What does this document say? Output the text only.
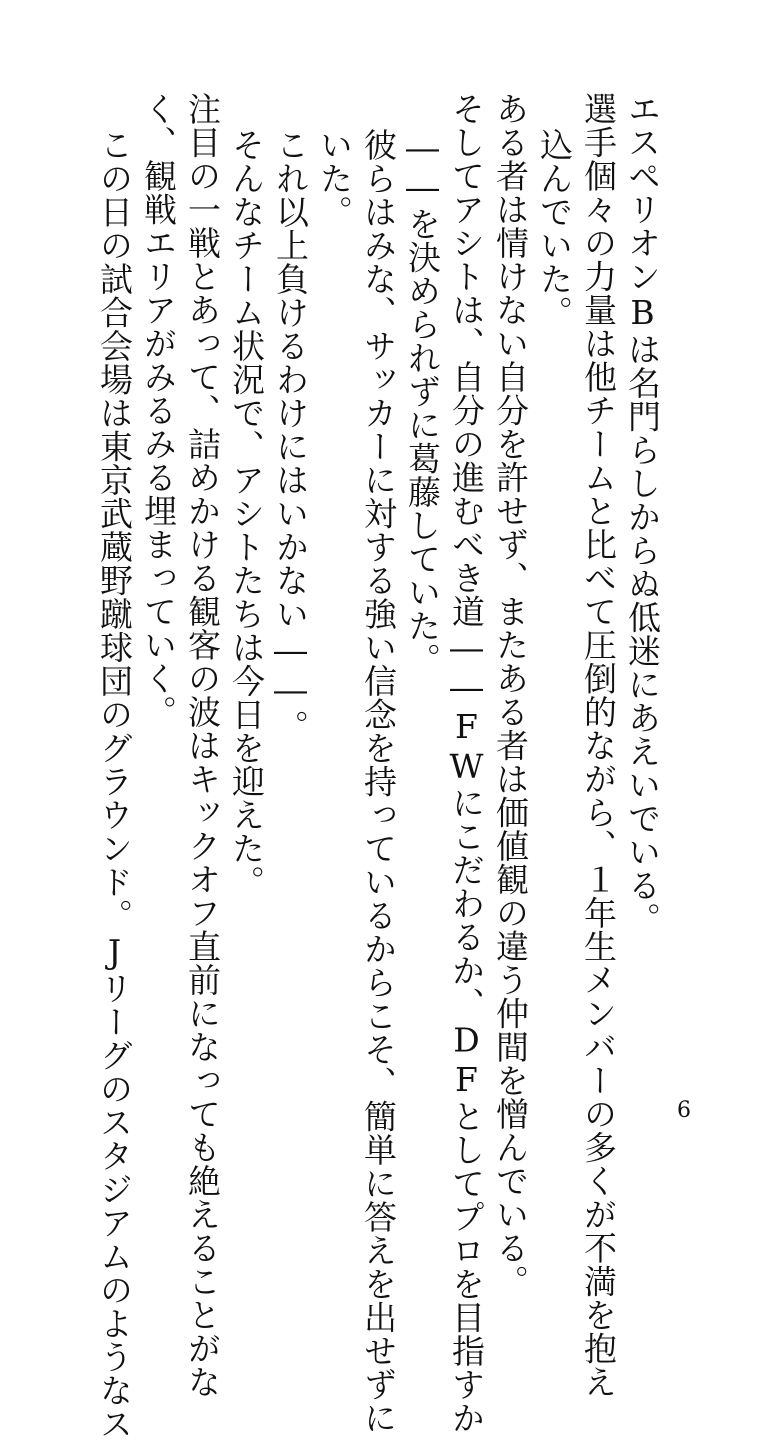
エスペリオンBは名門らしからぬ低迷にあえいでいる。
選手個々の力量は他チームと比べて圧倒的ながら、１年生メンバーの多くが不満を抱え
込んでいた。
ある者は情けない自分を許せず、またある者は価値観の違う仲間を憎んでいる。
そしてアシトは、自分の進むべき道――FWにこだわるか、DFとしてプロを目指すか
――を決められずに葛藤していた。
彼らはみな、サッカーに対する強い信念を持っているからこそ、簡単に答えを出せずに
いた。
これ以上負けるわけにはいかない――。
そんなチーム状況で、アシトたちは今日を迎えた。
注目の一戦とあって、詰めかける観客の波はキックオフ直前になっても絶えることがな
く、観戦エリアがみるみる埋まっていく。
この日の試合会場は東京武蔵野蹴球団のグラウンド。Jリーグのスタジアムのようなス	6
